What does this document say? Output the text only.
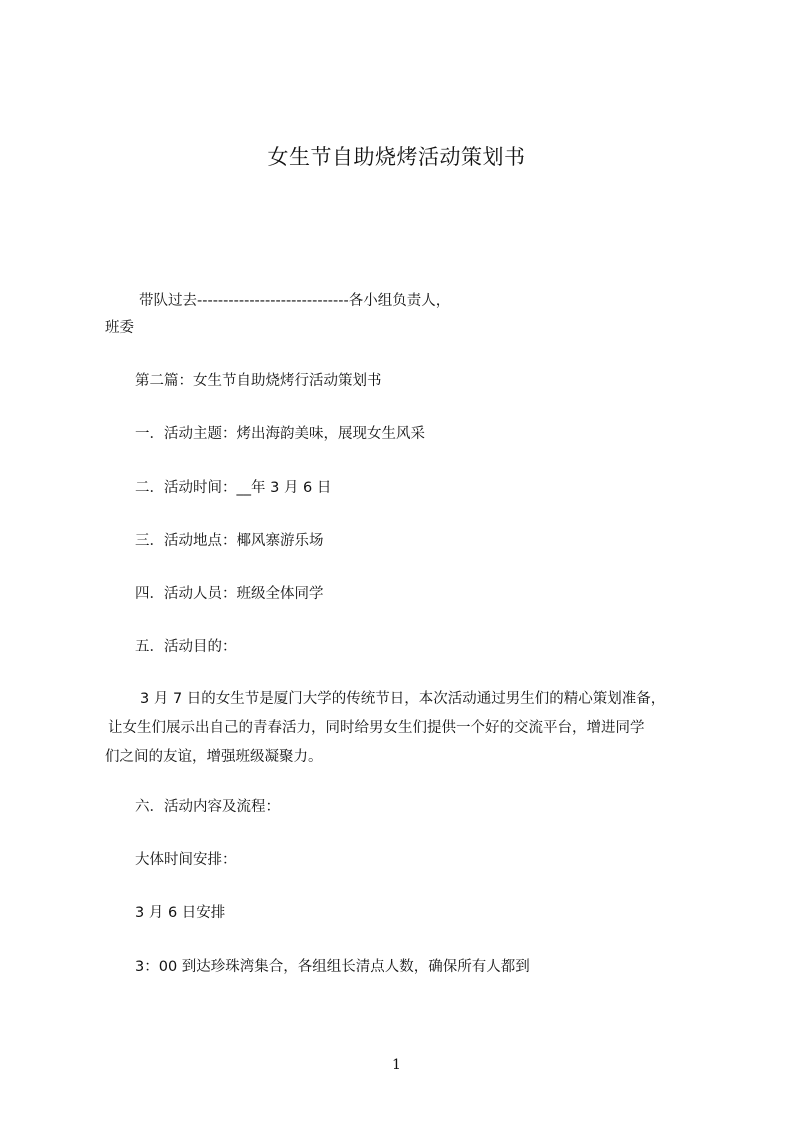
女生节自助烧烤活动策划书
带队过去-----------------------------各小组负责人，
班委
第二篇：女生节自助烧烤行活动策划书
一．活动主题：烤出海韵美味，展现女生风采
二．活动时间：__年 3 月 6 日
三．活动地点：椰风寨游乐场
四．活动人员：班级全体同学
五．活动目的：
3 月 7 日的女生节是厦门大学的传统节日，本次活动通过男生们的精心策划准备，
让女生们展示出自己的青春活力，同时给男女生们提供一个好的交流平台，增进同学
们之间的友谊，增强班级凝聚力。
六．活动内容及流程：
大体时间安排：
3 月 6 日安排
3：00 到达珍珠湾集合，各组组长清点人数，确保所有人都到
1
